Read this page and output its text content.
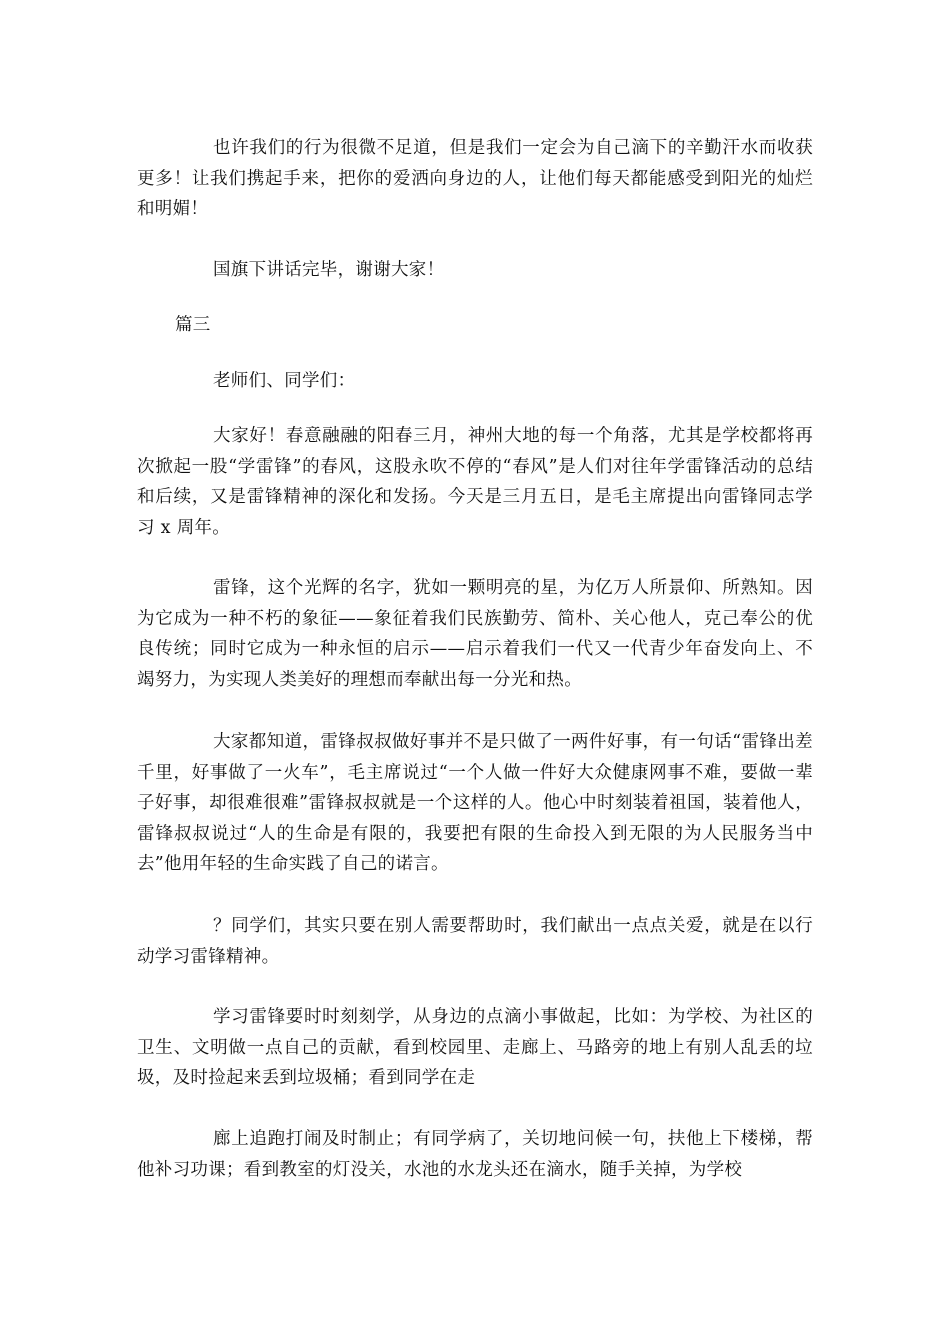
也许我们的行为很微不足道，但是我们一定会为自己滴下的辛勤汗水而收获更多！让我们携起手来，把你的爱洒向身边的人，让他们每天都能感受到阳光的灿烂和明媚！

国旗下讲话完毕，谢谢大家！

篇三

老师们、同学们：

大家好！春意融融的阳春三月，神州大地的每一个角落，尤其是学校都将再次掀起一股“学雷锋”的春风，这股永吹不停的“春风”是人们对往年学雷锋活动的总结和后续，又是雷锋精神的深化和发扬。今天是三月五日，是毛主席提出向雷锋同志学习 x 周年。

雷锋，这个光辉的名字，犹如一颗明亮的星，为亿万人所景仰、所熟知。因为它成为一种不朽的象征——象征着我们民族勤劳、简朴、关心他人，克己奉公的优良传统；同时它成为一种永恒的启示——启示着我们一代又一代青少年奋发向上、不竭努力，为实现人类美好的理想而奉献出每一分光和热。

大家都知道，雷锋叔叔做好事并不是只做了一两件好事，有一句话“雷锋出差千里，好事做了一火车”，毛主席说过“一个人做一件好大众健康网事不难，要做一辈子好事，却很难很难”雷锋叔叔就是一个这样的人。他心中时刻装着祖国，装着他人，雷锋叔叔说过“人的生命是有限的，我要把有限的生命投入到无限的为人民服务当中去”他用年轻的生命实践了自己的诺言。

？同学们，其实只要在别人需要帮助时，我们献出一点点关爱，就是在以行动学习雷锋精神。

学习雷锋要时时刻刻学，从身边的点滴小事做起，比如：为学校、为社区的卫生、文明做一点自己的贡献，看到校园里、走廊上、马路旁的地上有别人乱丢的垃圾，及时捡起来丢到垃圾桶；看到同学在走

廊上追跑打闹及时制止；有同学病了，关切地问候一句，扶他上下楼梯，帮他补习功课；看到教室的灯没关，水池的水龙头还在滴水，随手关掉，为学校
